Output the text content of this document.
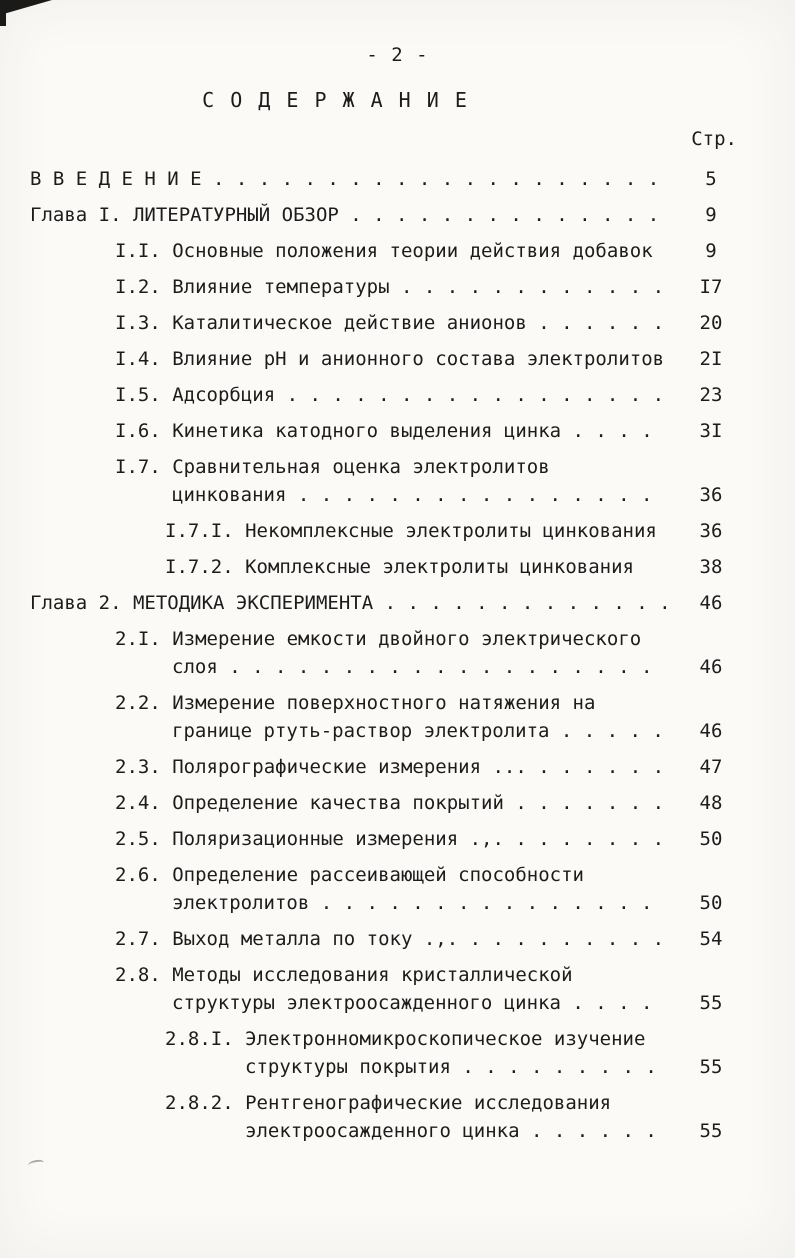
- 2 -
С О Д Е Р Ж А Н И Е
Стр.
В В Е Д Е Н И Е . . . . . . . . . . . . . . . . . . . .	5
Глава I. ЛИТЕРАТУРНЫЙ ОБЗОР . . . . . . . . . . . . . .	9
I.I. Основные положения теории действия добавок	9
I.2. Влияние температуры . . . . . . . . . . . .	I7
I.3. Каталитическое действие анионов . . . . . .	20
I.4. Влияние рН и анионного состава электролитов	2I
I.5. Адсорбция . . . . . . . . . . . . . . . . .	23
I.6. Кинетика катодного выделения цинка . . . .	3I
I.7. Сравнительная оценка электролитов
цинкования . . . . . . . . . . . . . . . .	36
I.7.I. Некомплексные электролиты цинкования	36
I.7.2. Комплексные электролиты цинкования	38
Глава 2. МЕТОДИКА ЭКСПЕРИМЕНТА . . . . . . . . . . . . .	46
2.I. Измерение емкости двойного электрического
слоя . . . . . . . . . . . . . . . . . . .	46
2.2. Измерение поверхностного натяжения на
границе ртуть-раствор электролита . . . . .	46
2.3. Полярографические измерения ... . . . . . .	47
2.4. Определение качества покрытий . . . . . . .	48
2.5. Поляризационные измерения .,. . . . . . . .	50
2.6. Определение рассеивающей способности
электролитов . . . . . . . . . . . . . . .	50
2.7. Выход металла по току .,. . . . . . . . . .	54
2.8. Методы исследования кристаллической
структуры электроосажденного цинка . . . .	55
2.8.I. Электронномикроскопическое изучение
структуры покрытия . . . . . . . . .	55
2.8.2. Рентгенографические исследования
электроосажденного цинка . . . . . .	55
